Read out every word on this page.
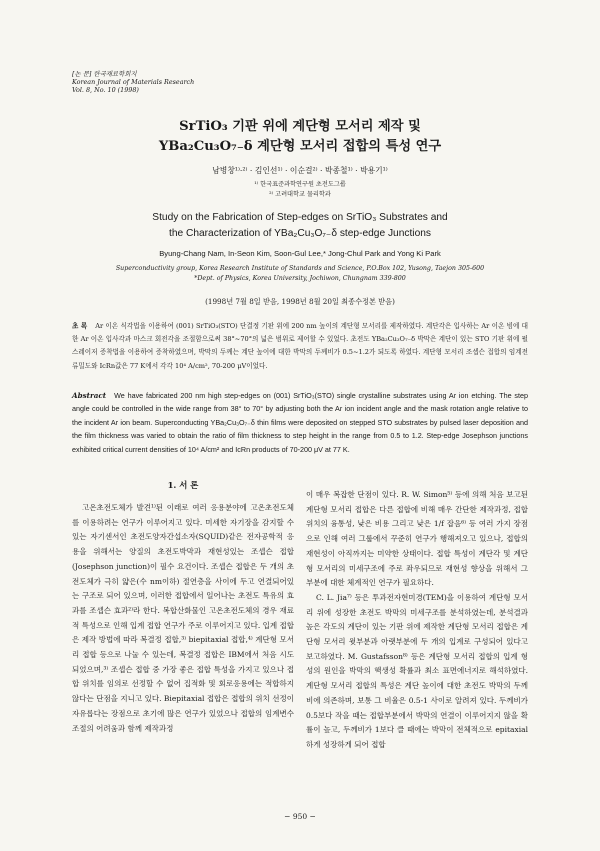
[논 문] 한국재료학회지
Korean Journal of Materials Research
Vol. 8, No. 10 (1998)
SrTiO₃ 기판 위에 계단형 모서리 제작 및
YBa₂Cu₃O₇₋δ 계단형 모서리 접합의 특성 연구
남병창¹⁾·²⁾ · 김인선¹⁾ · 이순걸²⁾ · 박종철¹⁾ · 박용기¹⁾
¹⁾ 한국표준과학연구원 초전도그룹
²⁾ 고려대학교 물리학과
Study on the Fabrication of Step-edges on SrTiO₃ Substrates and
the Characterization of YBa₂Cu₃O₇₋δ step-edge Junctions
Byung-Chang Nam, In-Seon Kim, Soon-Gul Lee,* Jong-Chul Park and Yong Ki Park
Superconductivity group, Korea Research Institute of Standards and Science, P.O.Box 102, Yusong, Taejon 305-600
*Dept. of Physics, Korea University, Jochiwon, Chungnam 339-800
(1998년 7월 8일 받음, 1998년 8월 20일 최종수정본 받음)
초 록 Ar 이온 식각법을 이용하여 (001) SrTiO₃(STO) 단결정 기판 위에 200 nm 높이의 계단형 모서리를 제작하였다. 계단각은 입사하는 Ar 이온 빔에 대한 Ar 이온 입사각과 마스크 회전각을 조절함으로써 38°~70°의 넓은 범위로 제어할 수 있었다. 초전도 YBa₂Cu₃O₇₋δ 박막은 계단이 있는 STO 기판 위에 펄스레이저 증착법을 이용하여 증착하였으며, 박막의 두께는 계단 높이에 대한 박막의 두께비가 0.5~1.2가 되도록 하였다. 계단형 모서리 조셉슨 접합의 임계전류밀도와 IcRn값은 77 K에서 각각 10⁴ A/cm², 70-200 μV이었다.
Abstract We have fabricated 200 nm high step-edges on (001) SrTiO₃(STO) single crystalline substrates using Ar ion etching. The step angle could be controlled in the wide range from 38° to 70° by adjusting both the Ar ion incident angle and the mask rotation angle relative to the incident Ar ion beam. Superconducting YBa₂Cu₃O₇₋δ thin films were deposited on stepped STO substrates by pulsed laser deposition and the film thickness was varied to obtain the ratio of film thickness to step height in the range from 0.5 to 1.2. Step-edge Josephson junctions exhibited critical current densities of 10⁴ A/cm² and IcRn products of 70-200 μV at 77 K.
1. 서 론

고온초전도체가 발견¹⁾된 이래로 여러 응용분야에 고온초전도체를 이용하려는 연구가 이루어지고 있다. 미세한 자기장을 감지할 수 있는 자기센서인 초전도양자간섭소자(SQUID)같은 전자공학적 응용을 위해서는 양질의 초전도박막과 재현성있는 조셉슨 접합(Josephson junction)이 필수 요건이다. 조셉슨 접합은 두 개의 초전도체가 극히 얇은(수 nm이하) 절연층을 사이에 두고 연결되어있는 구조로 되어 있으며, 이러한 접합에서 일어나는 초전도 특유의 효과를 조셉슨 효과²⁾라 한다. 복합산화물인 고온초전도체의 경우 재료적 특성으로 인해 입계 접합 연구가 주로 이루어지고 있다. 입계 접합은 제작 방법에 따라 복결정 접합,³⁾ biepitaxial 접합,⁴⁾ 계단형 모서리 접합 등으로 나눌 수 있는데, 복결정 접합은 IBM에서 처음 시도되었으며,³⁾ 조셉슨 접합 중 가장 좋은 접합 특성을 가지고 있으나 접합 위치를 임의로 선정할 수 없어 집적화 및 회로응용에는 적합하지 않다는 단점을 지니고 있다. Biepitaxial 접합은 접합의 위치 선정이 자유롭다는 장점으로 초기에 많은 연구가 있었으나 접합의 임계변수 조절의 어려움과 함께 제작과정

이 매우 복잡한 단점이 있다. R. W. Simon⁵⁾ 등에 의해 처음 보고된 계단형 모서리 접합은 다른 접합에 비해 매우 간단한 제작과정, 접합 위치의 융통성, 낮은 비용 그리고 낮은 1/f 잡음⁶⁾ 등 여러 가지 장점으로 인해 여러 그룹에서 꾸준히 연구가 행해져오고 있으나, 접합의 재현성이 아직까지는 미약한 상태이다. 접합 특성이 계단각 및 계단형 모서리의 미세구조에 주로 좌우되므로 재현성 향상을 위해서 그 부분에 대한 체계적인 연구가 필요하다.

C. L. Jia⁷⁾ 등은 투과전자현미경(TEM)을 이용하여 계단형 모서리 위에 성장한 초전도 박막의 미세구조를 분석하였는데, 분석결과 높은 각도의 계단이 있는 기판 위에 제작한 계단형 모서리 접합은 계단형 모서리 윗부분과 아랫부분에 두 개의 입계로 구성되어 있다고 보고하였다. M. Gustafsson⁸⁾ 등은 계단형 모서리 접합의 입계 형성의 원인을 박막의 핵생성 확률과 최소 표면에너지로 해석하였다. 계단형 모서리 접합의 특성은 계단 높이에 대한 초전도 박막의 두께비에 의존하며, 보통 그 비율은 0.5-1 사이로 알려져 있다. 두께비가 0.5보다 작을 때는 접합부분에서 박막의 연결이 이루어지지 않을 확률이 높고, 두께비가 1보다 클 때에는 박막이 전체적으로 epitaxial하게 성장하게 되어 접합

− 950 −
